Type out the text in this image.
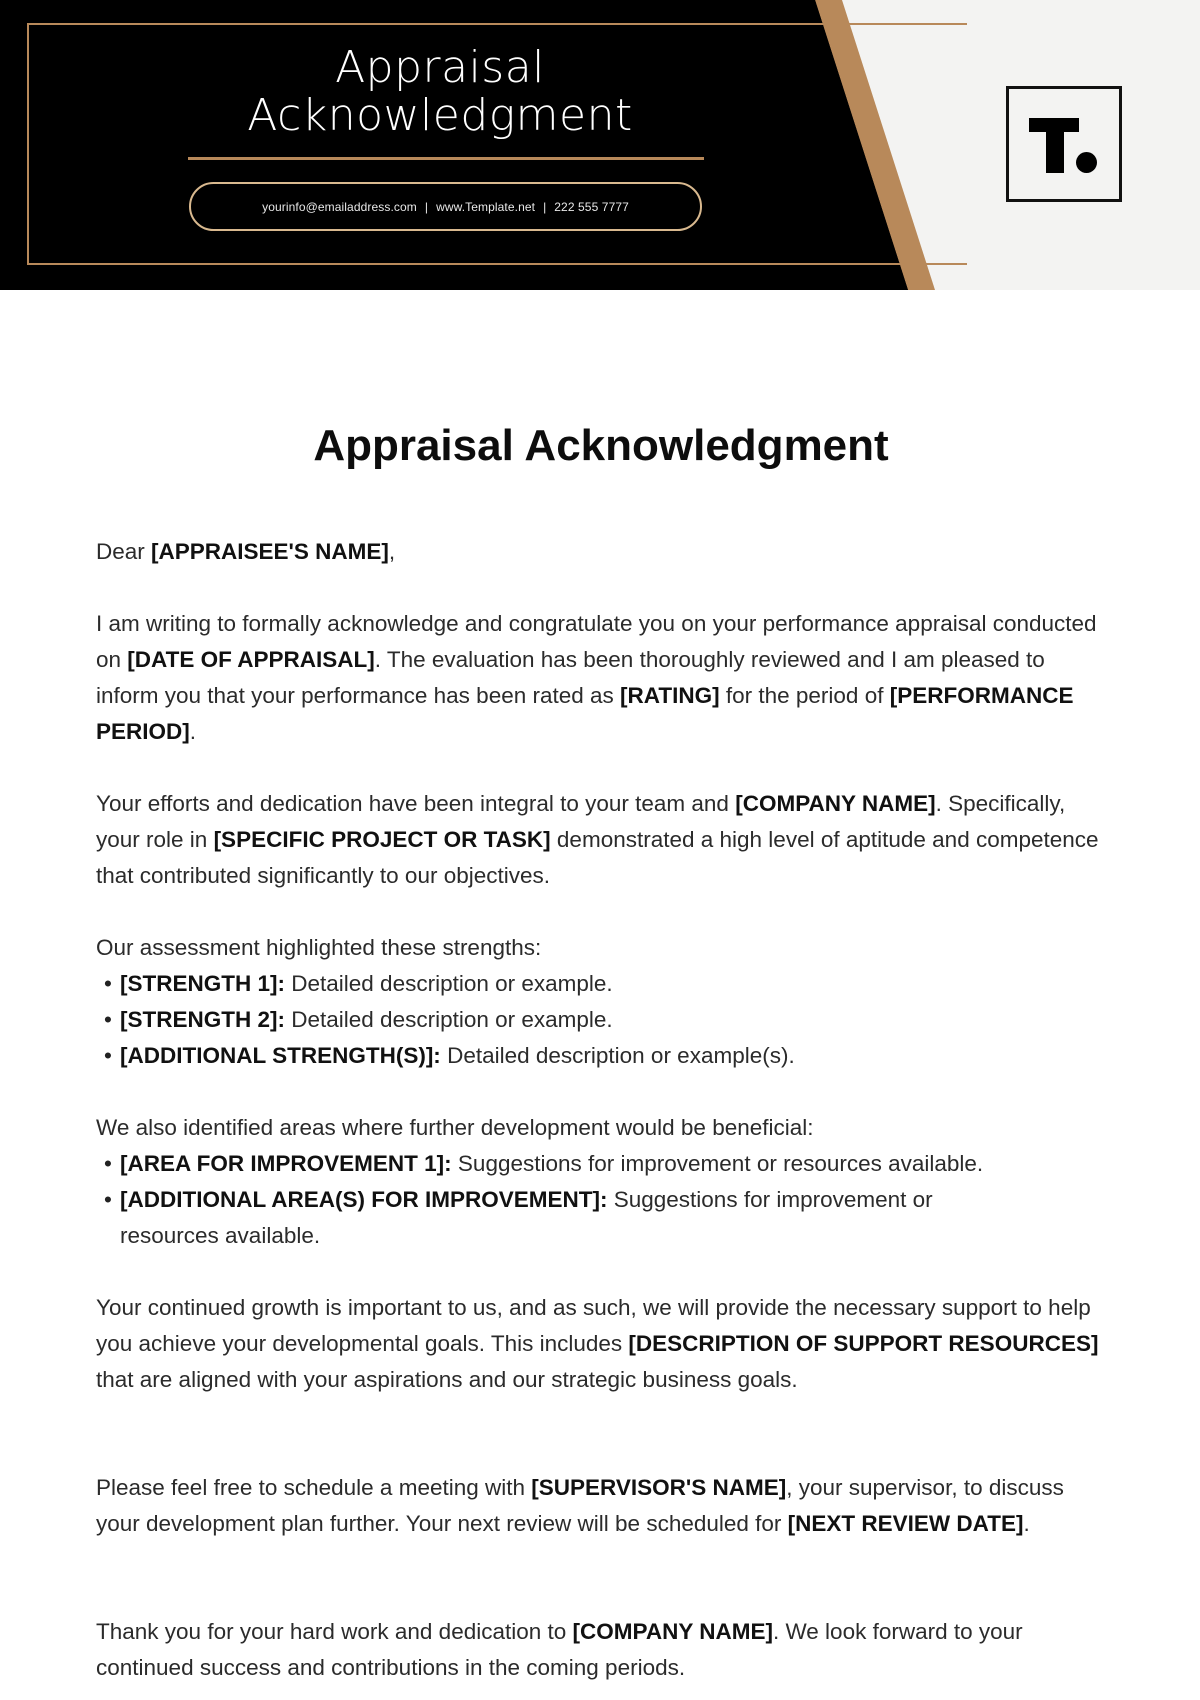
Appraisal
Acknowledgment
yourinfo@emailaddress.com | www.Template.net | 222 555 7777
Appraisal Acknowledgment

Dear [APPRAISEE'S NAME],

I am writing to formally acknowledge and congratulate you on your performance appraisal conducted on [DATE OF APPRAISAL]. The evaluation has been thoroughly reviewed and I am pleased to inform you that your performance has been rated as [RATING] for the period of [PERFORMANCE PERIOD].

Your efforts and dedication have been integral to your team and [COMPANY NAME]. Specifically, your role in [SPECIFIC PROJECT OR TASK] demonstrated a high level of aptitude and competence that contributed significantly to our objectives.

Our assessment highlighted these strengths:
• [STRENGTH 1]: Detailed description or example.
• [STRENGTH 2]: Detailed description or example.
• [ADDITIONAL STRENGTH(S)]: Detailed description or example(s).
We also identified areas where further development would be beneficial:
• [AREA FOR IMPROVEMENT 1]: Suggestions for improvement or resources available.
• [ADDITIONAL AREA(S) FOR IMPROVEMENT]: Suggestions for improvement or resources available.

Your continued growth is important to us, and as such, we will provide the necessary support to help you achieve your developmental goals. This includes [DESCRIPTION OF SUPPORT RESOURCES] that are aligned with your aspirations and our strategic business goals.

Please feel free to schedule a meeting with [SUPERVISOR'S NAME], your supervisor, to discuss your development plan further. Your next review will be scheduled for [NEXT REVIEW DATE].

Thank you for your hard work and dedication to [COMPANY NAME]. We look forward to your continued success and contributions in the coming periods.
